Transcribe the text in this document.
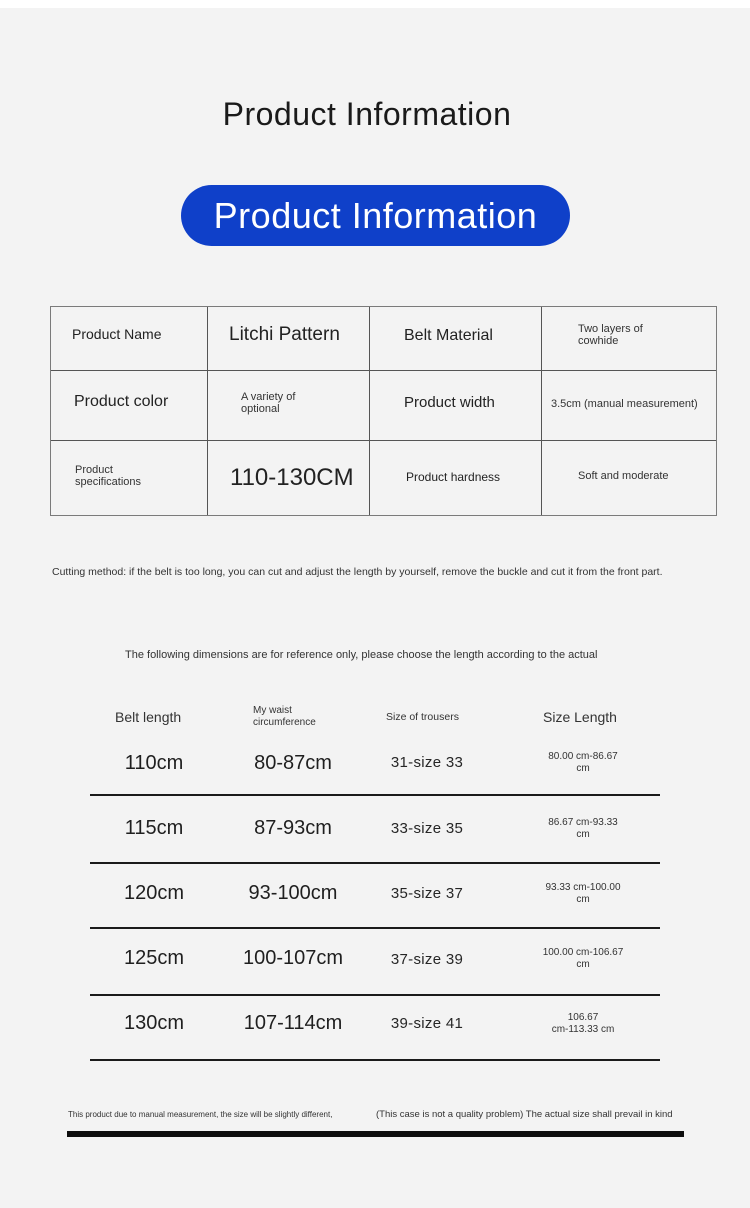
Product Information
Product Information
Product Name	Litchi Pattern	Belt Material	Two layers of
cowhide
Product color	A variety of
optional	Product width	3.5cm (manual measurement)
Product
specifications	110-130CM	Product hardness	Soft and moderate
Cutting method: if the belt is too long, you can cut and adjust the length by yourself, remove the buckle and cut it from the front part.
The following dimensions are for reference only, please choose the length according to the actual
Belt length	My waist
circumference	Size of trousers	Size Length
110cm	80-87cm	31-size 33	80.00 cm-86.67
cm
115cm	87-93cm	33-size 35	86.67 cm-93.33
cm
120cm	93-100cm	35-size 37	93.33 cm-100.00
cm
125cm	100-107cm	37-size 39	100.00 cm-106.67
cm
130cm	107-114cm	39-size 41	106.67
cm-113.33 cm
This product due to manual measurement, the size will be slightly different,	(This case is not a quality problem) The actual size shall prevail in kind
